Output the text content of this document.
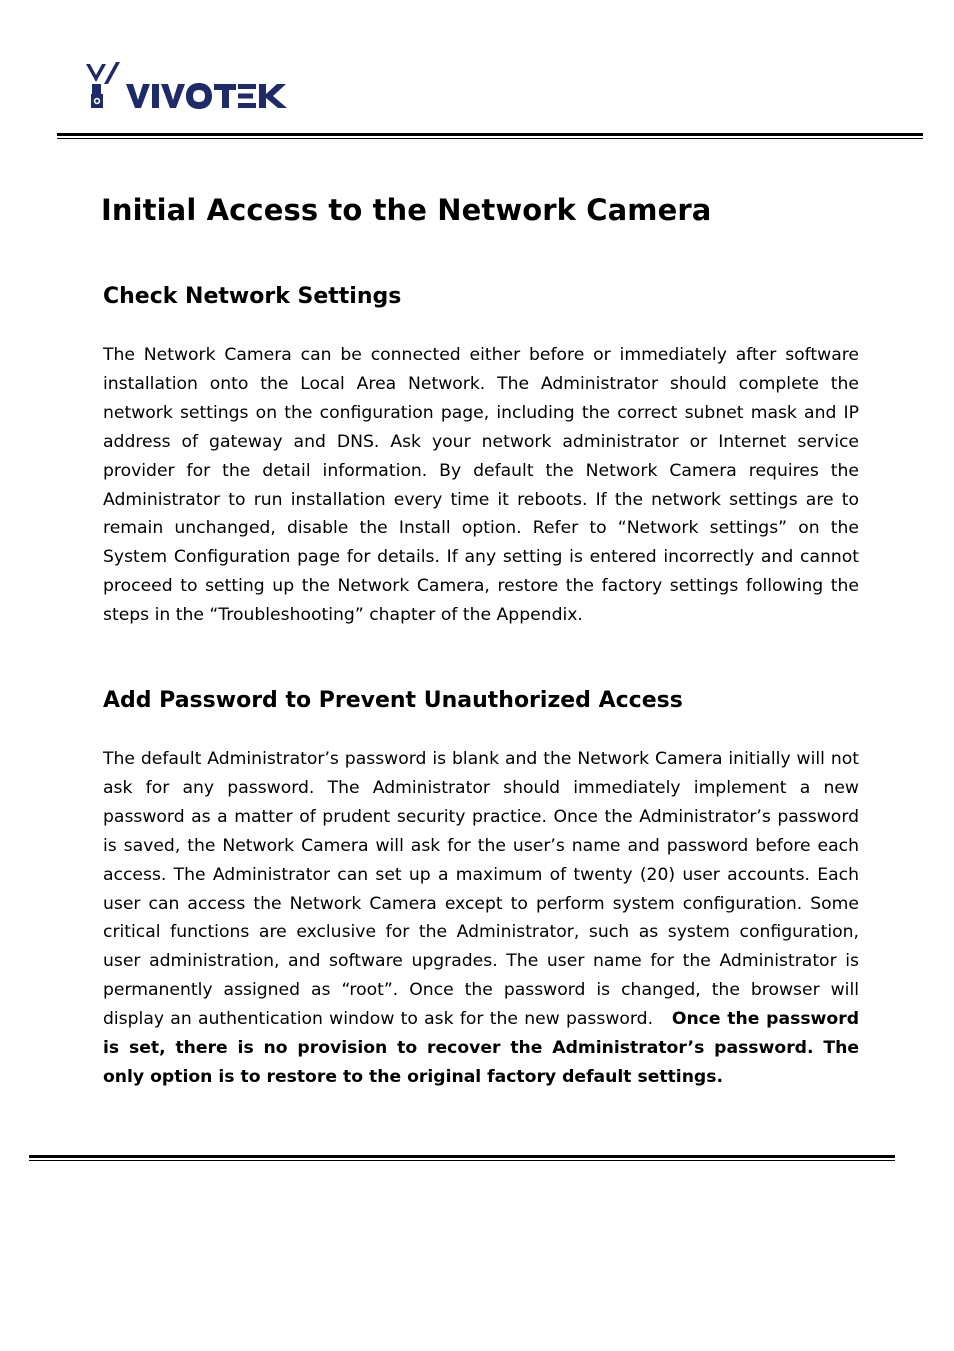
Initial Access to the Network Camera
Check Network Settings

The Network Camera can be connected either before or immediately after software installation onto the Local Area Network. The Administrator should complete the network settings on the configuration page, including the correct subnet mask and IP address of gateway and DNS. Ask your network administrator or Internet service provider for the detail information. By default the Network Camera requires the Administrator to run installation every time it reboots. If the network settings are to remain unchanged, disable the Install option. Refer to “Network settings” on the System Configuration page for details. If any setting is entered incorrectly and cannot proceed to setting up the Network Camera, restore the factory settings following the steps in the “Troubleshooting” chapter of the Appendix.

Add Password to Prevent Unauthorized Access

The default Administrator’s password is blank and the Network Camera initially will not ask for any password. The Administrator should immediately implement a new password as a matter of prudent security practice. Once the Administrator’s password is saved, the Network Camera will ask for the user’s name and password before each access. The Administrator can set up a maximum of twenty (20) user accounts. Each user can access the Network Camera except to perform system configuration. Some critical functions are exclusive for the Administrator, such as system configuration, user administration, and software upgrades. The user name for the Administrator is permanently assigned as “root”. Once the password is changed, the browser will display an authentication window to ask for the new password. Once the password is set, there is no provision to recover the Administrator’s password. The only option is to restore to the original factory default settings.
